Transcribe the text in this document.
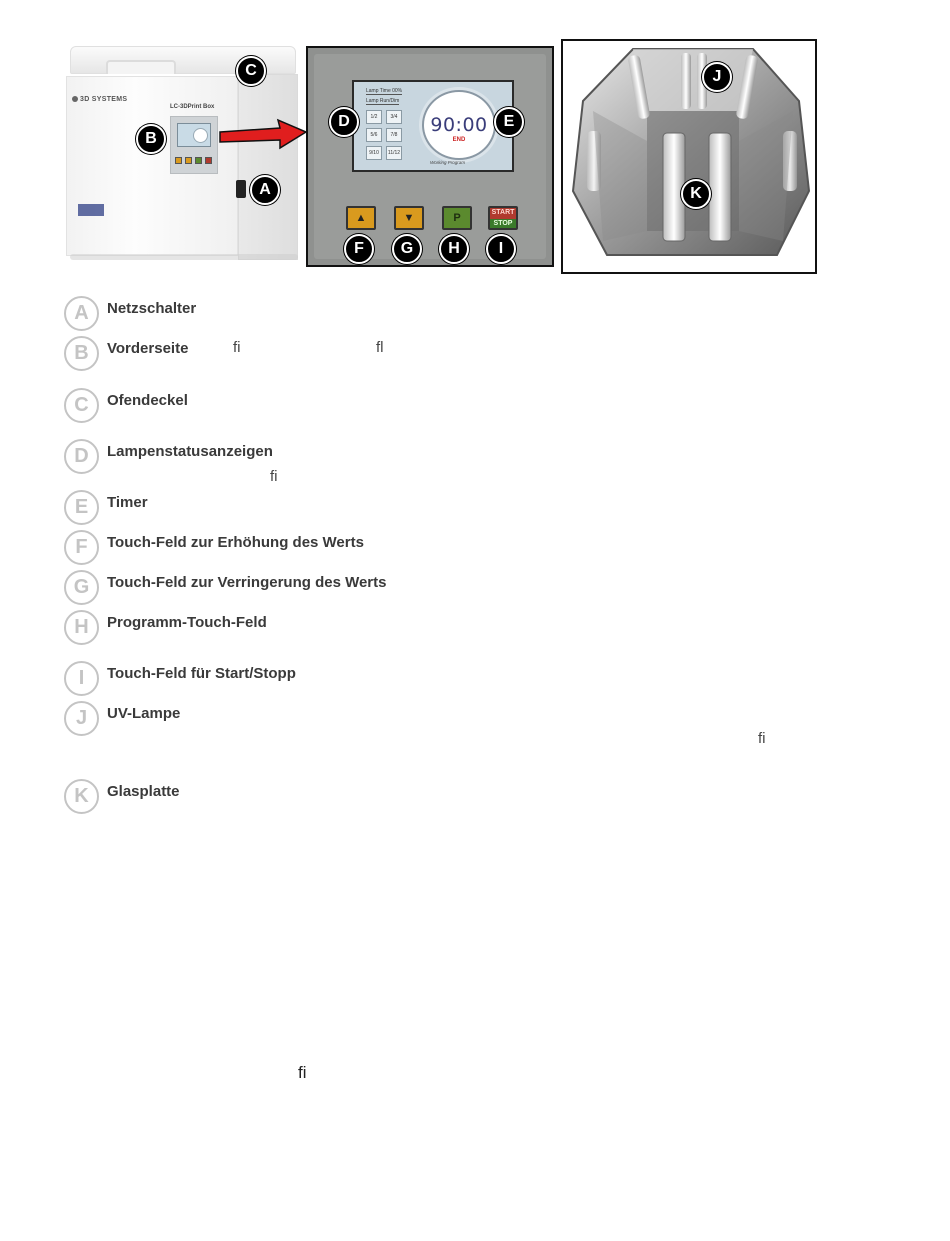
3D SYSTEMS
LC-3DPrint Box
Lamp Time 00%
Lamp Run/Dim
1/2	3/4
5/6	7/8
9/10	11/12
90:00
END
Working Program
▲	▼	P	START
STOP
A
B
C
D	E
F	G	H	I
J
K
A	Netzschalter
B	Vorderseite
C	Ofendeckel
D	Lampenstatusanzeigen
E	Timer
F	Touch-Feld zur Erhöhung des Werts
G	Touch-Feld zur Verringerung des Werts
H	Programm-Touch-Feld
I	Touch-Feld für Start/Stopp
J	UV-Lampe
K	Glasplatte
ﬁ	ﬂ
ﬁ
ﬁ
ﬁ
